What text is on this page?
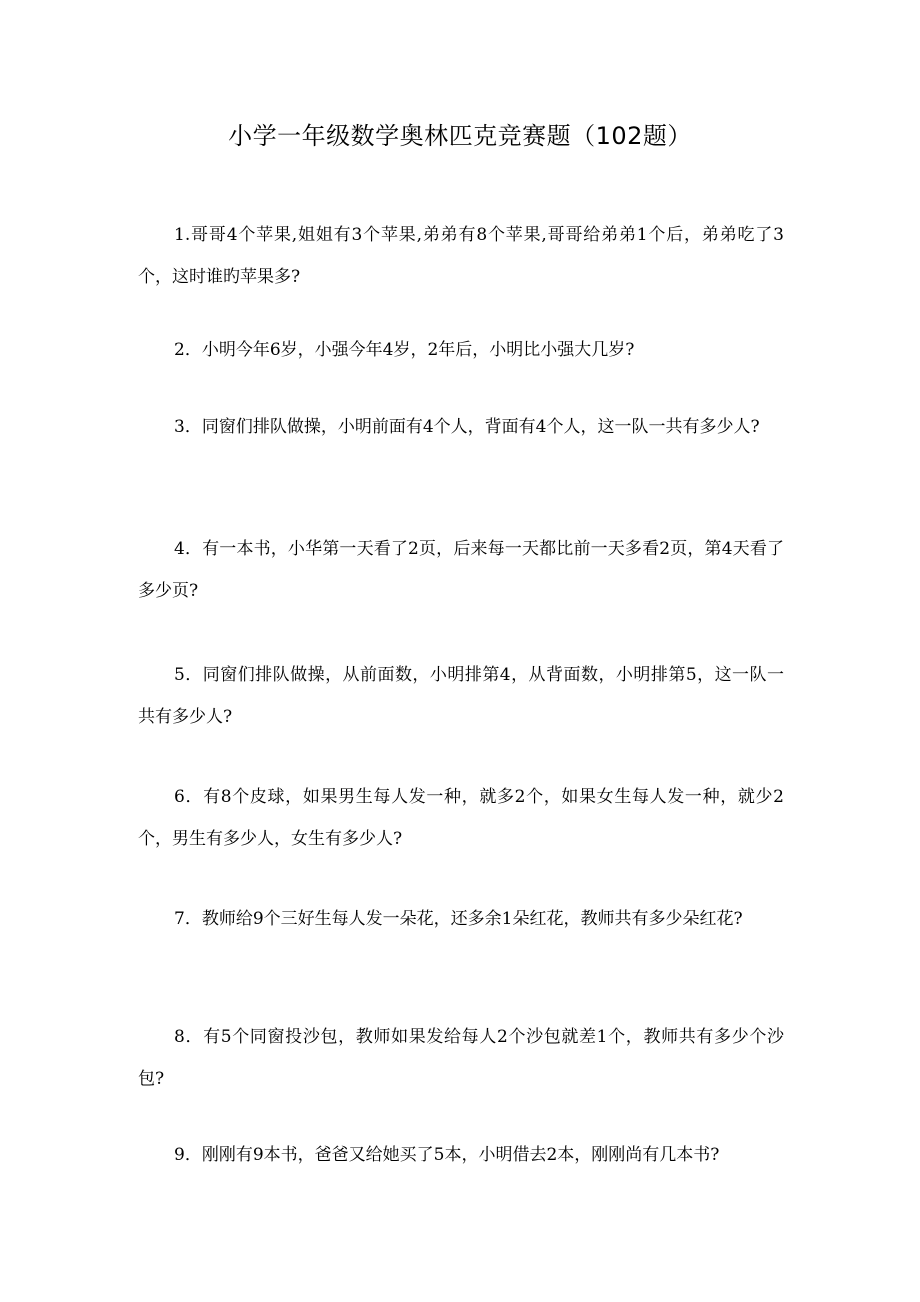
小学一年级数学奥林匹克竞赛题（102题）

1.哥哥4个苹果,姐姐有3个苹果,弟弟有8个苹果,哥哥给弟弟1个后，弟弟吃了3个，这时谁旳苹果多?

2．小明今年6岁，小强今年4岁，2年后，小明比小强大几岁?

3．同窗们排队做操，小明前面有4个人，背面有4个人，这一队一共有多少人?

4．有一本书，小华第一天看了2页，后来每一天都比前一天多看2页，第4天看了多少页?

5．同窗们排队做操，从前面数，小明排第4，从背面数，小明排第5，这一队一共有多少人?

6．有8个皮球，如果男生每人发一种，就多2个，如果女生每人发一种，就少2个，男生有多少人，女生有多少人?

7．教师给9个三好生每人发一朵花，还多余1朵红花，教师共有多少朵红花?

8．有5个同窗投沙包，教师如果发给每人2个沙包就差1个，教师共有多少个沙包?

9．刚刚有9本书，爸爸又给她买了5本，小明借去2本，刚刚尚有几本书?
